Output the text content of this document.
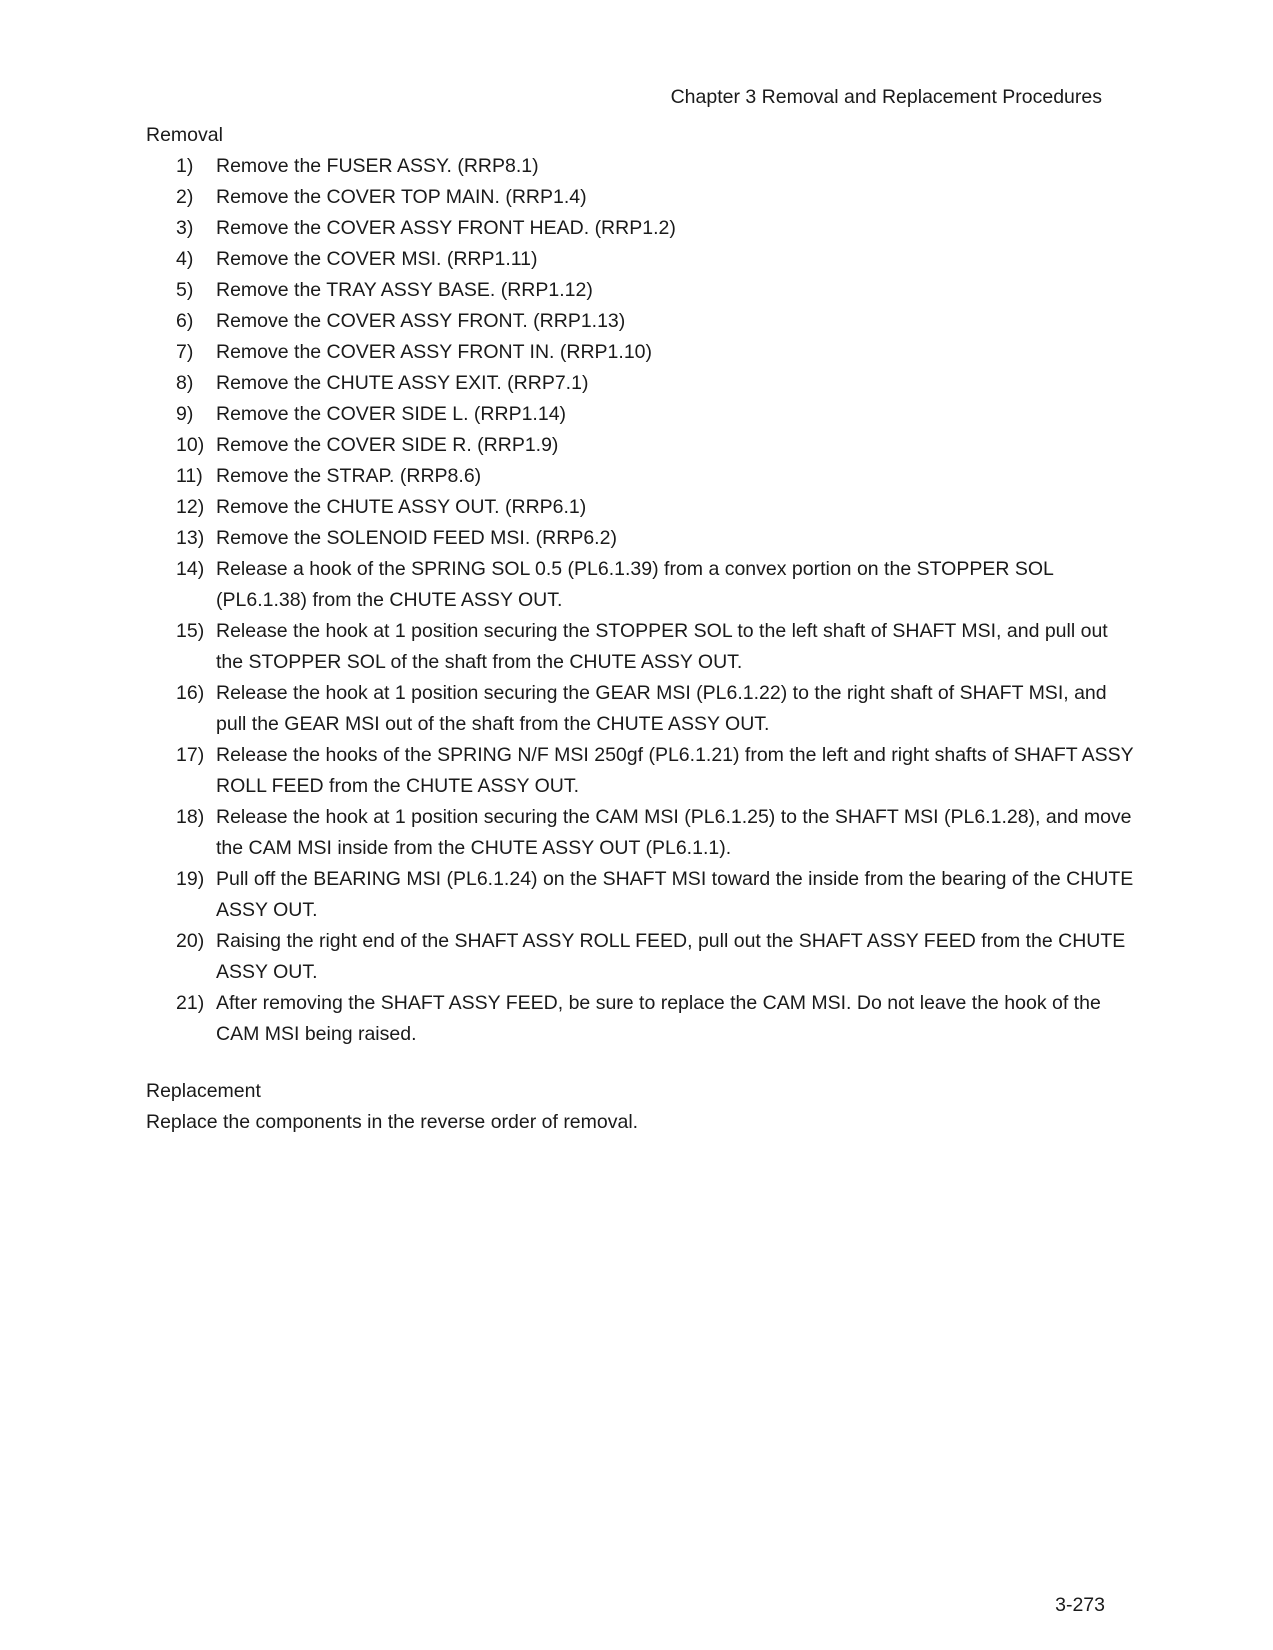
Chapter 3 Removal and Replacement Procedures

Removal

1)	Remove the FUSER ASSY. (RRP8.1)
2)	Remove the COVER TOP MAIN. (RRP1.4)
3)	Remove the COVER ASSY FRONT HEAD. (RRP1.2)
4)	Remove the COVER MSI. (RRP1.11)
5)	Remove the TRAY ASSY BASE. (RRP1.12)
6)	Remove the COVER ASSY FRONT. (RRP1.13)
7)	Remove the COVER ASSY FRONT IN. (RRP1.10)
8)	Remove the CHUTE ASSY EXIT. (RRP7.1)
9)	Remove the COVER SIDE L. (RRP1.14)
10) Remove the COVER SIDE R. (RRP1.9)
11) Remove the STRAP. (RRP8.6)
12) Remove the CHUTE ASSY OUT. (RRP6.1)
13) Remove the SOLENOID FEED MSI. (RRP6.2)
14) Release a hook of the SPRING SOL 0.5 (PL6.1.39) from a convex portion on the STOPPER SOL (PL6.1.38) from the CHUTE ASSY OUT.
15) Release the hook at 1 position securing the STOPPER SOL to the left shaft of SHAFT MSI, and pull out the STOPPER SOL of the shaft from the CHUTE ASSY OUT.
16) Release the hook at 1 position securing the GEAR MSI (PL6.1.22) to the right shaft of SHAFT MSI, and pull the GEAR MSI out of the shaft from the CHUTE ASSY OUT.
17) Release the hooks of the SPRING N/F MSI 250gf (PL6.1.21) from the left and right shafts of SHAFT ASSY ROLL FEED from the CHUTE ASSY OUT.
18) Release the hook at 1 position securing the CAM MSI (PL6.1.25) to the SHAFT MSI (PL6.1.28), and move the CAM MSI inside from the CHUTE ASSY OUT (PL6.1.1).
19) Pull off the BEARING MSI (PL6.1.24) on the SHAFT MSI toward the inside from the bearing of the CHUTE ASSY OUT.
20) Raising the right end of the SHAFT ASSY ROLL FEED, pull out the SHAFT ASSY FEED from the CHUTE ASSY OUT.
21) After removing the SHAFT ASSY FEED, be sure to replace the CAM MSI. Do not leave the hook of the CAM MSI being raised.

Replacement

Replace the components in the reverse order of removal.

3-273
